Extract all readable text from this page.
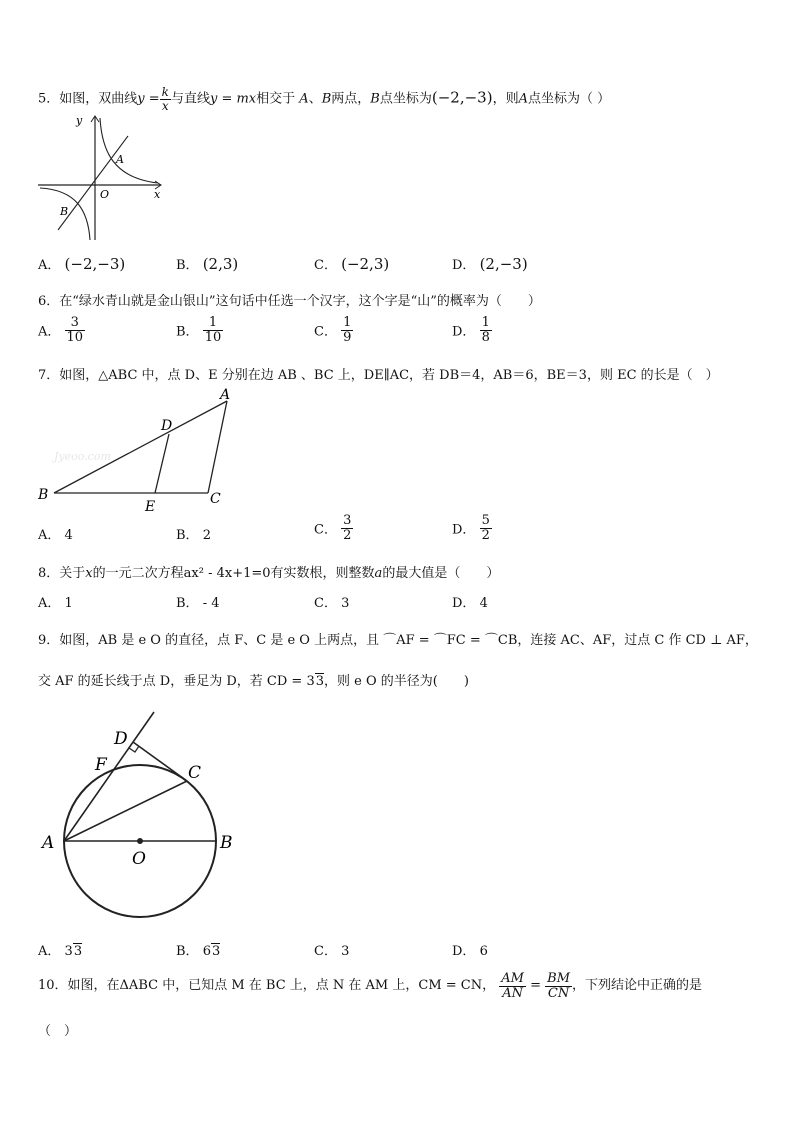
5．如图，双曲线$y = \frac{k}{x}$ 与直线y = mx相交于 A、B两点，B点坐标为(−2,−3)，则A点坐标为（ ）
y
x
O
A
B
A． (−2,−3)	B． (2,3)	C． (−2,3)	D． (2,−3)
6．在“绿水青山就是金山银山”这句话中任选一个汉字，这个字是“山”的概率为（　　）
A． $\frac{3}{10}$	B． $\frac{1}{10}$	C． $\frac{1}{9}$	D． $\frac{1}{8}$
7．如图，△ABC 中，点 D、E 分别在边 AB 、BC 上，DE∥AC，若 DB＝4，AB＝6，BE＝3，则 EC 的长是（　）
Jyeoo.com
A
B	C
D
E
A． 4	B． 2	C． $\frac{3}{2}$	D． $\frac{5}{2}$
8．关于x的一元二次方程ax² - 4x+1=0有实数根，则整数a的最大值是（　　）
A． 1	B． - 4	C． 3	D． 4
9．如图，AB 是 e O 的直径，点 F、C 是 e O 上两点，且 ⌒AF = ⌒FC = ⌒CB，连接 AC、AF，过点 C 作 CD ⊥ AF，
交 AF 的延长线于点 D，垂足为 D，若 CD = 33，则 e O 的半径为(　　)
A	B
C
D
F
O
A． 33	B． 63	C． 3	D． 6
10．如图，在ΔABC 中，已知点 M 在 BC 上，点 N 在 AM 上，CM = CN， $\frac{AM}{AN} = \frac{BM}{CN}$ ，下列结论中正确的是
（　）
